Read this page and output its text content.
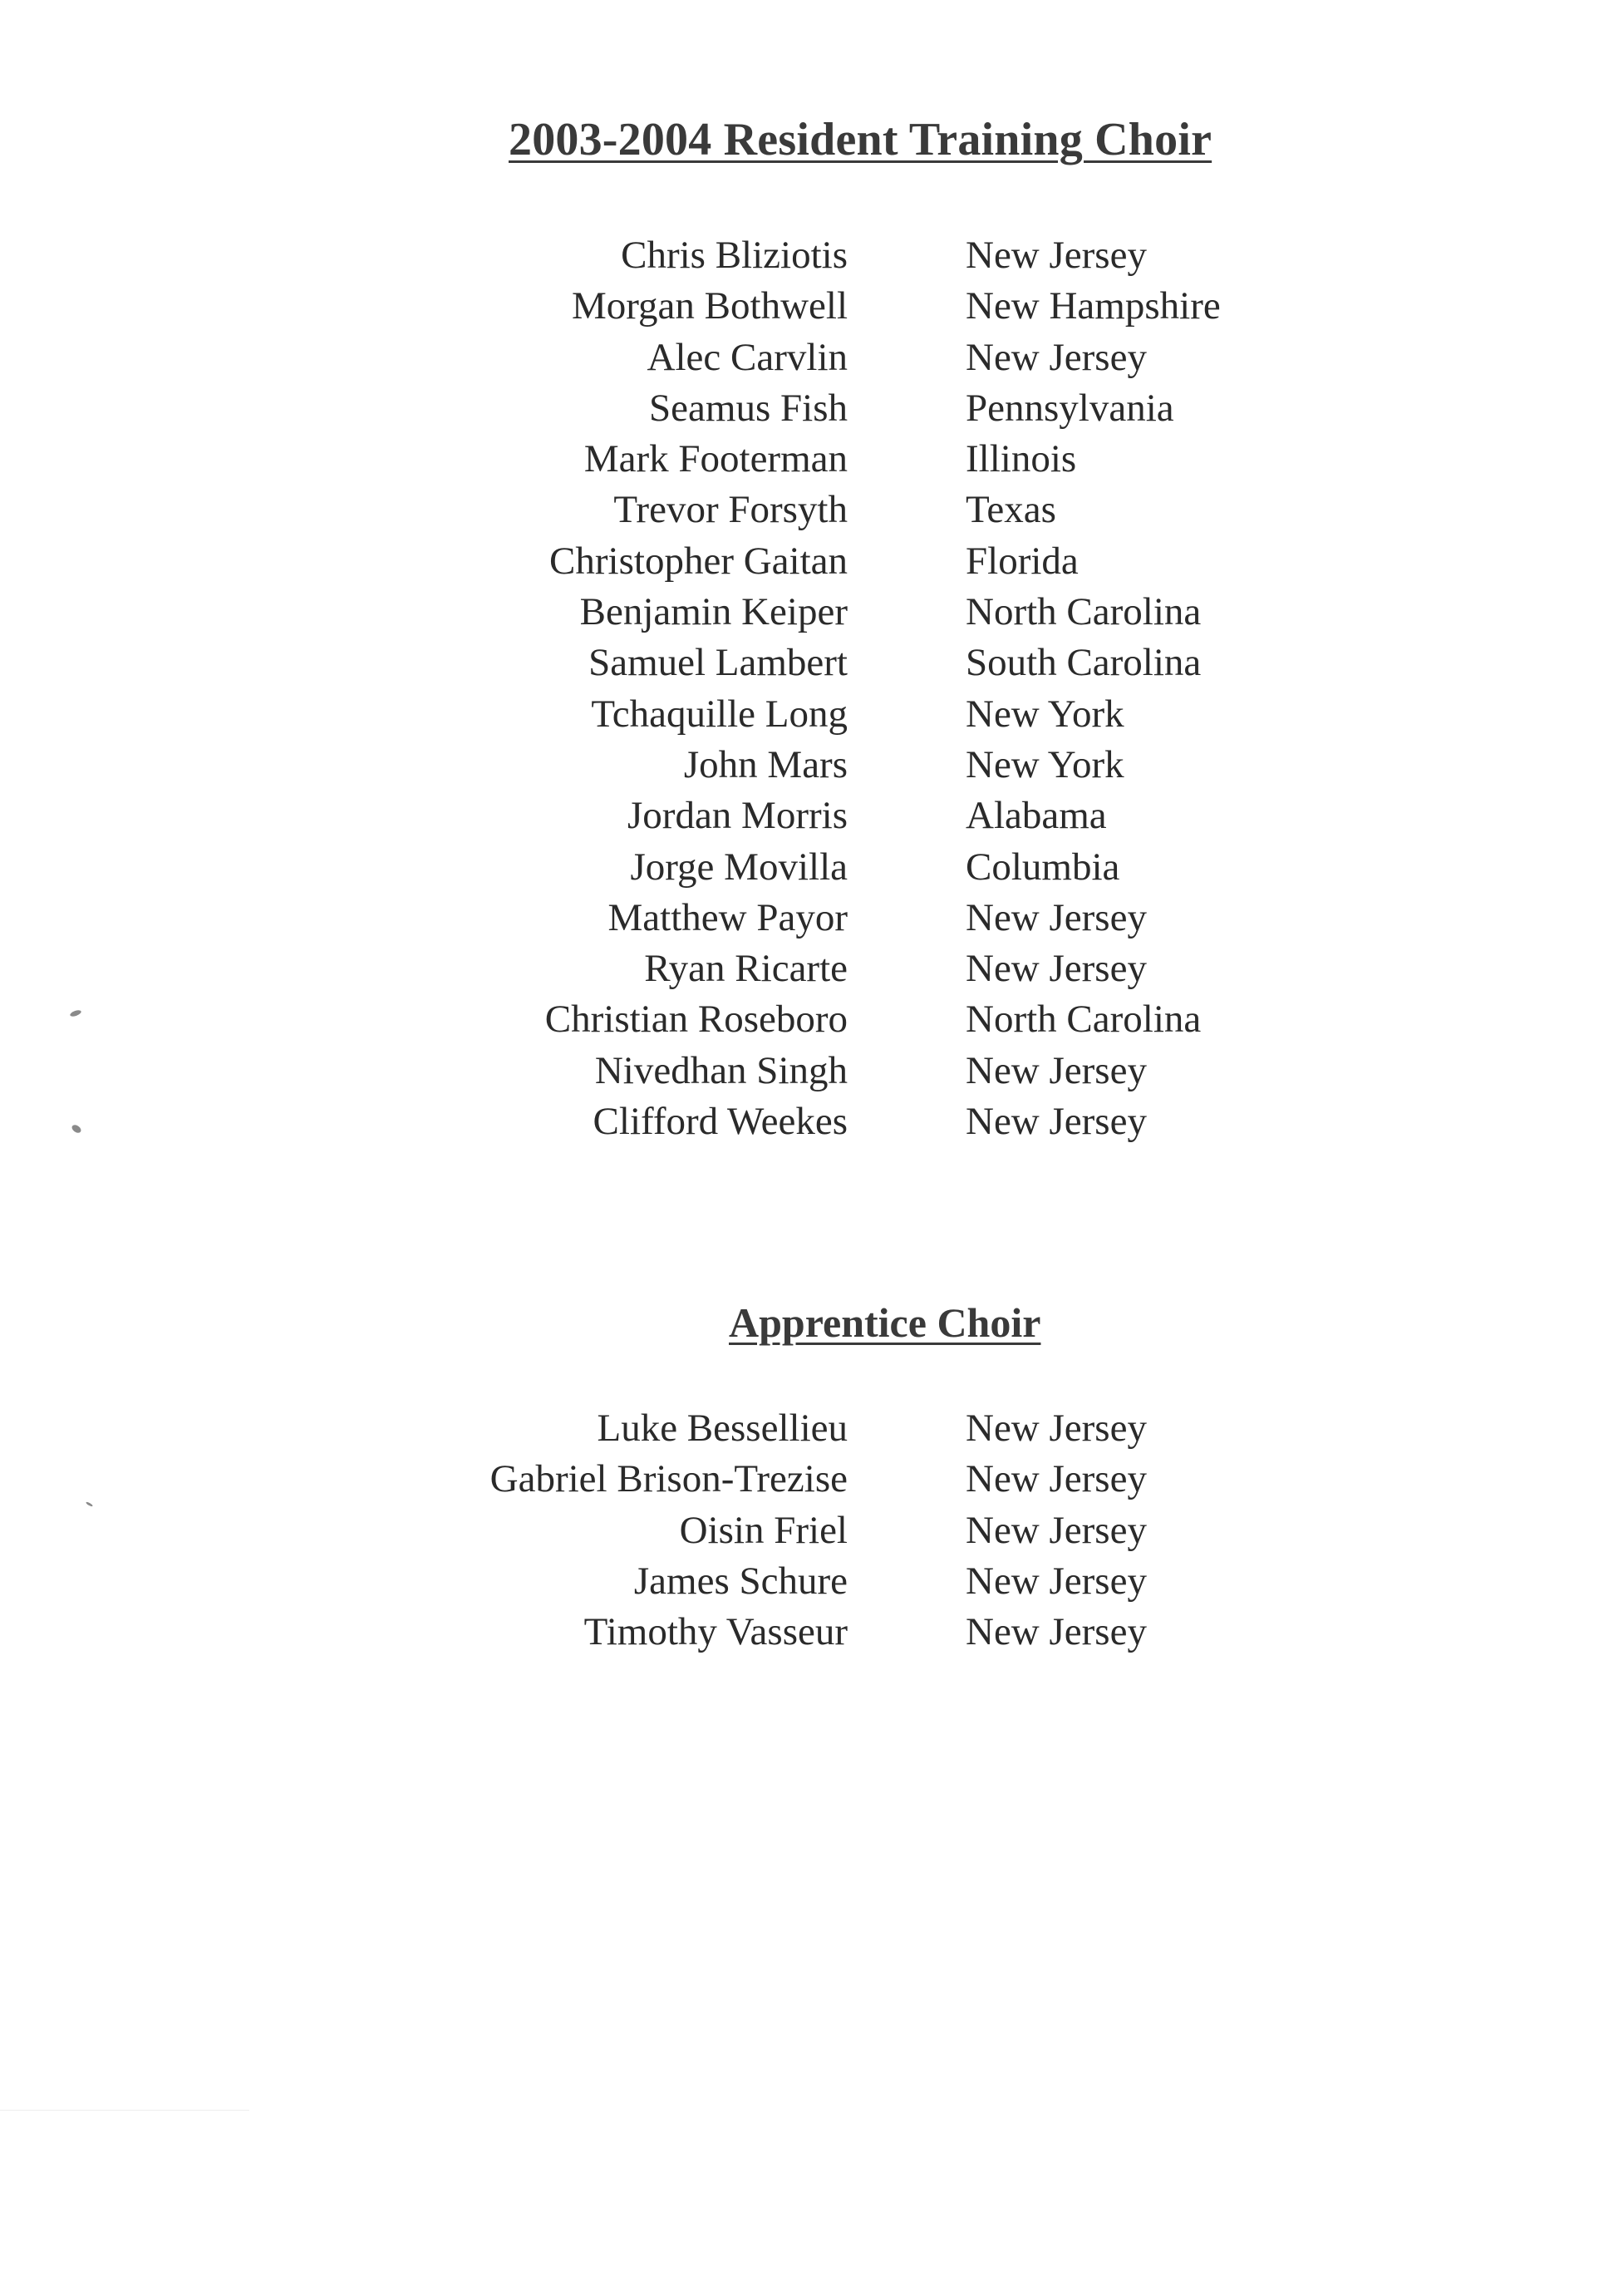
2003-2004 Resident Training Choir
Chris Bliziotis	New Jersey
Morgan Bothwell	New Hampshire
Alec Carvlin	New Jersey
Seamus Fish	Pennsylvania
Mark Footerman	Illinois
Trevor Forsyth	Texas
Christopher Gaitan	Florida
Benjamin Keiper	North Carolina
Samuel Lambert	South Carolina
Tchaquille Long	New York
John Mars	New York
Jordan Morris	Alabama
Jorge Movilla	Columbia
Matthew Payor	New Jersey
Ryan Ricarte	New Jersey
Christian Roseboro	North Carolina
Nivedhan Singh	New Jersey
Clifford Weekes	New Jersey
Apprentice Choir
Luke Bessellieu	New Jersey
Gabriel Brison-Trezise	New Jersey
Oisin Friel	New Jersey
James Schure	New Jersey
Timothy Vasseur	New Jersey
